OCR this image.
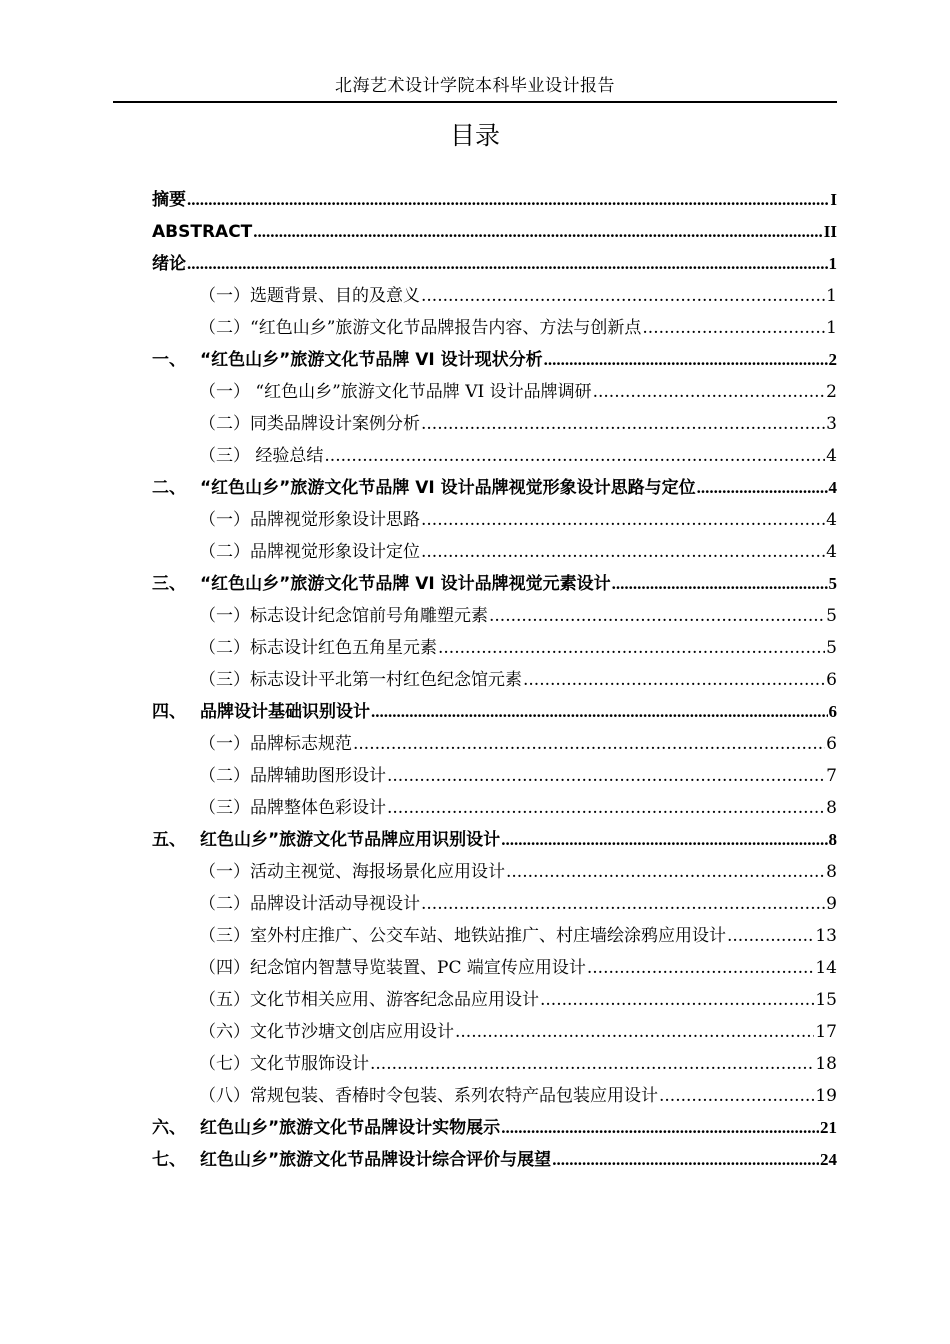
北海艺术设计学院本科毕业设计报告
目录
摘要 .....	I
ABSTRACT .....	II
绪论 .....	1
（一）选题背景、目的及意义 .....	1
（二）“红色山乡”旅游文化节品牌报告内容、方法与创新点 .....	1
一、 “红色山乡”旅游文化节品牌 VI 设计现状分析 .....	2
（一） “红色山乡”旅游文化节品牌 VI 设计品牌调研 .....	2
（二）同类品牌设计案例分析 .....	3
（三） 经验总结 .....	4
二、 “红色山乡”旅游文化节品牌 VI 设计品牌视觉形象设计思路与定位 .....	4
（一）品牌视觉形象设计思路 .....	4
（二）品牌视觉形象设计定位 .....	4
三、 “红色山乡”旅游文化节品牌 VI 设计品牌视觉元素设计 .....	5
（一）标志设计纪念馆前号角雕塑元素 .....	5
（二）标志设计红色五角星元素 .....	5
（三）标志设计平北第一村红色纪念馆元素 .....	6
四、 品牌设计基础识别设计 .....	6
（一）品牌标志规范 .....	6
（二）品牌辅助图形设计 .....	7
（三）品牌整体色彩设计 .....	8
五、 红色山乡”旅游文化节品牌应用识别设计 .....	8
（一）活动主视觉、海报场景化应用设计 .....	8
（二）品牌设计活动导视设计 .....	9
（三）室外村庄推广、公交车站、地铁站推广、村庄墙绘涂鸦应用设计 .....	13
（四）纪念馆内智慧导览装置、PC 端宣传应用设计 .....	14
（五）文化节相关应用、游客纪念品应用设计 .....	15
（六）文化节沙塘文创店应用设计 .....	17
（七）文化节服饰设计 .....	18
（八）常规包装、香椿时令包装、系列农特产品包装应用设计 .....	19
六、 红色山乡”旅游文化节品牌设计实物展示 .....	21
七、 红色山乡”旅游文化节品牌设计综合评价与展望 .....	24
